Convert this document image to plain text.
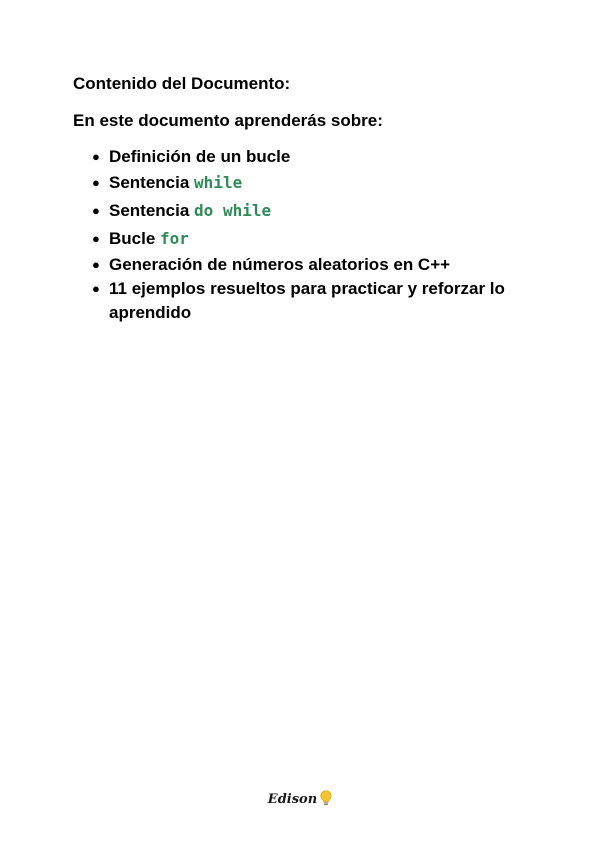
Contenido del Documento:

En este documento aprenderás sobre:

● Definición de un bucle
● Sentencia while
● Sentencia do while
● Bucle for
● Generación de números aleatorios en C++
● 11 ejemplos resueltos para practicar y reforzar lo aprendido
Edison
